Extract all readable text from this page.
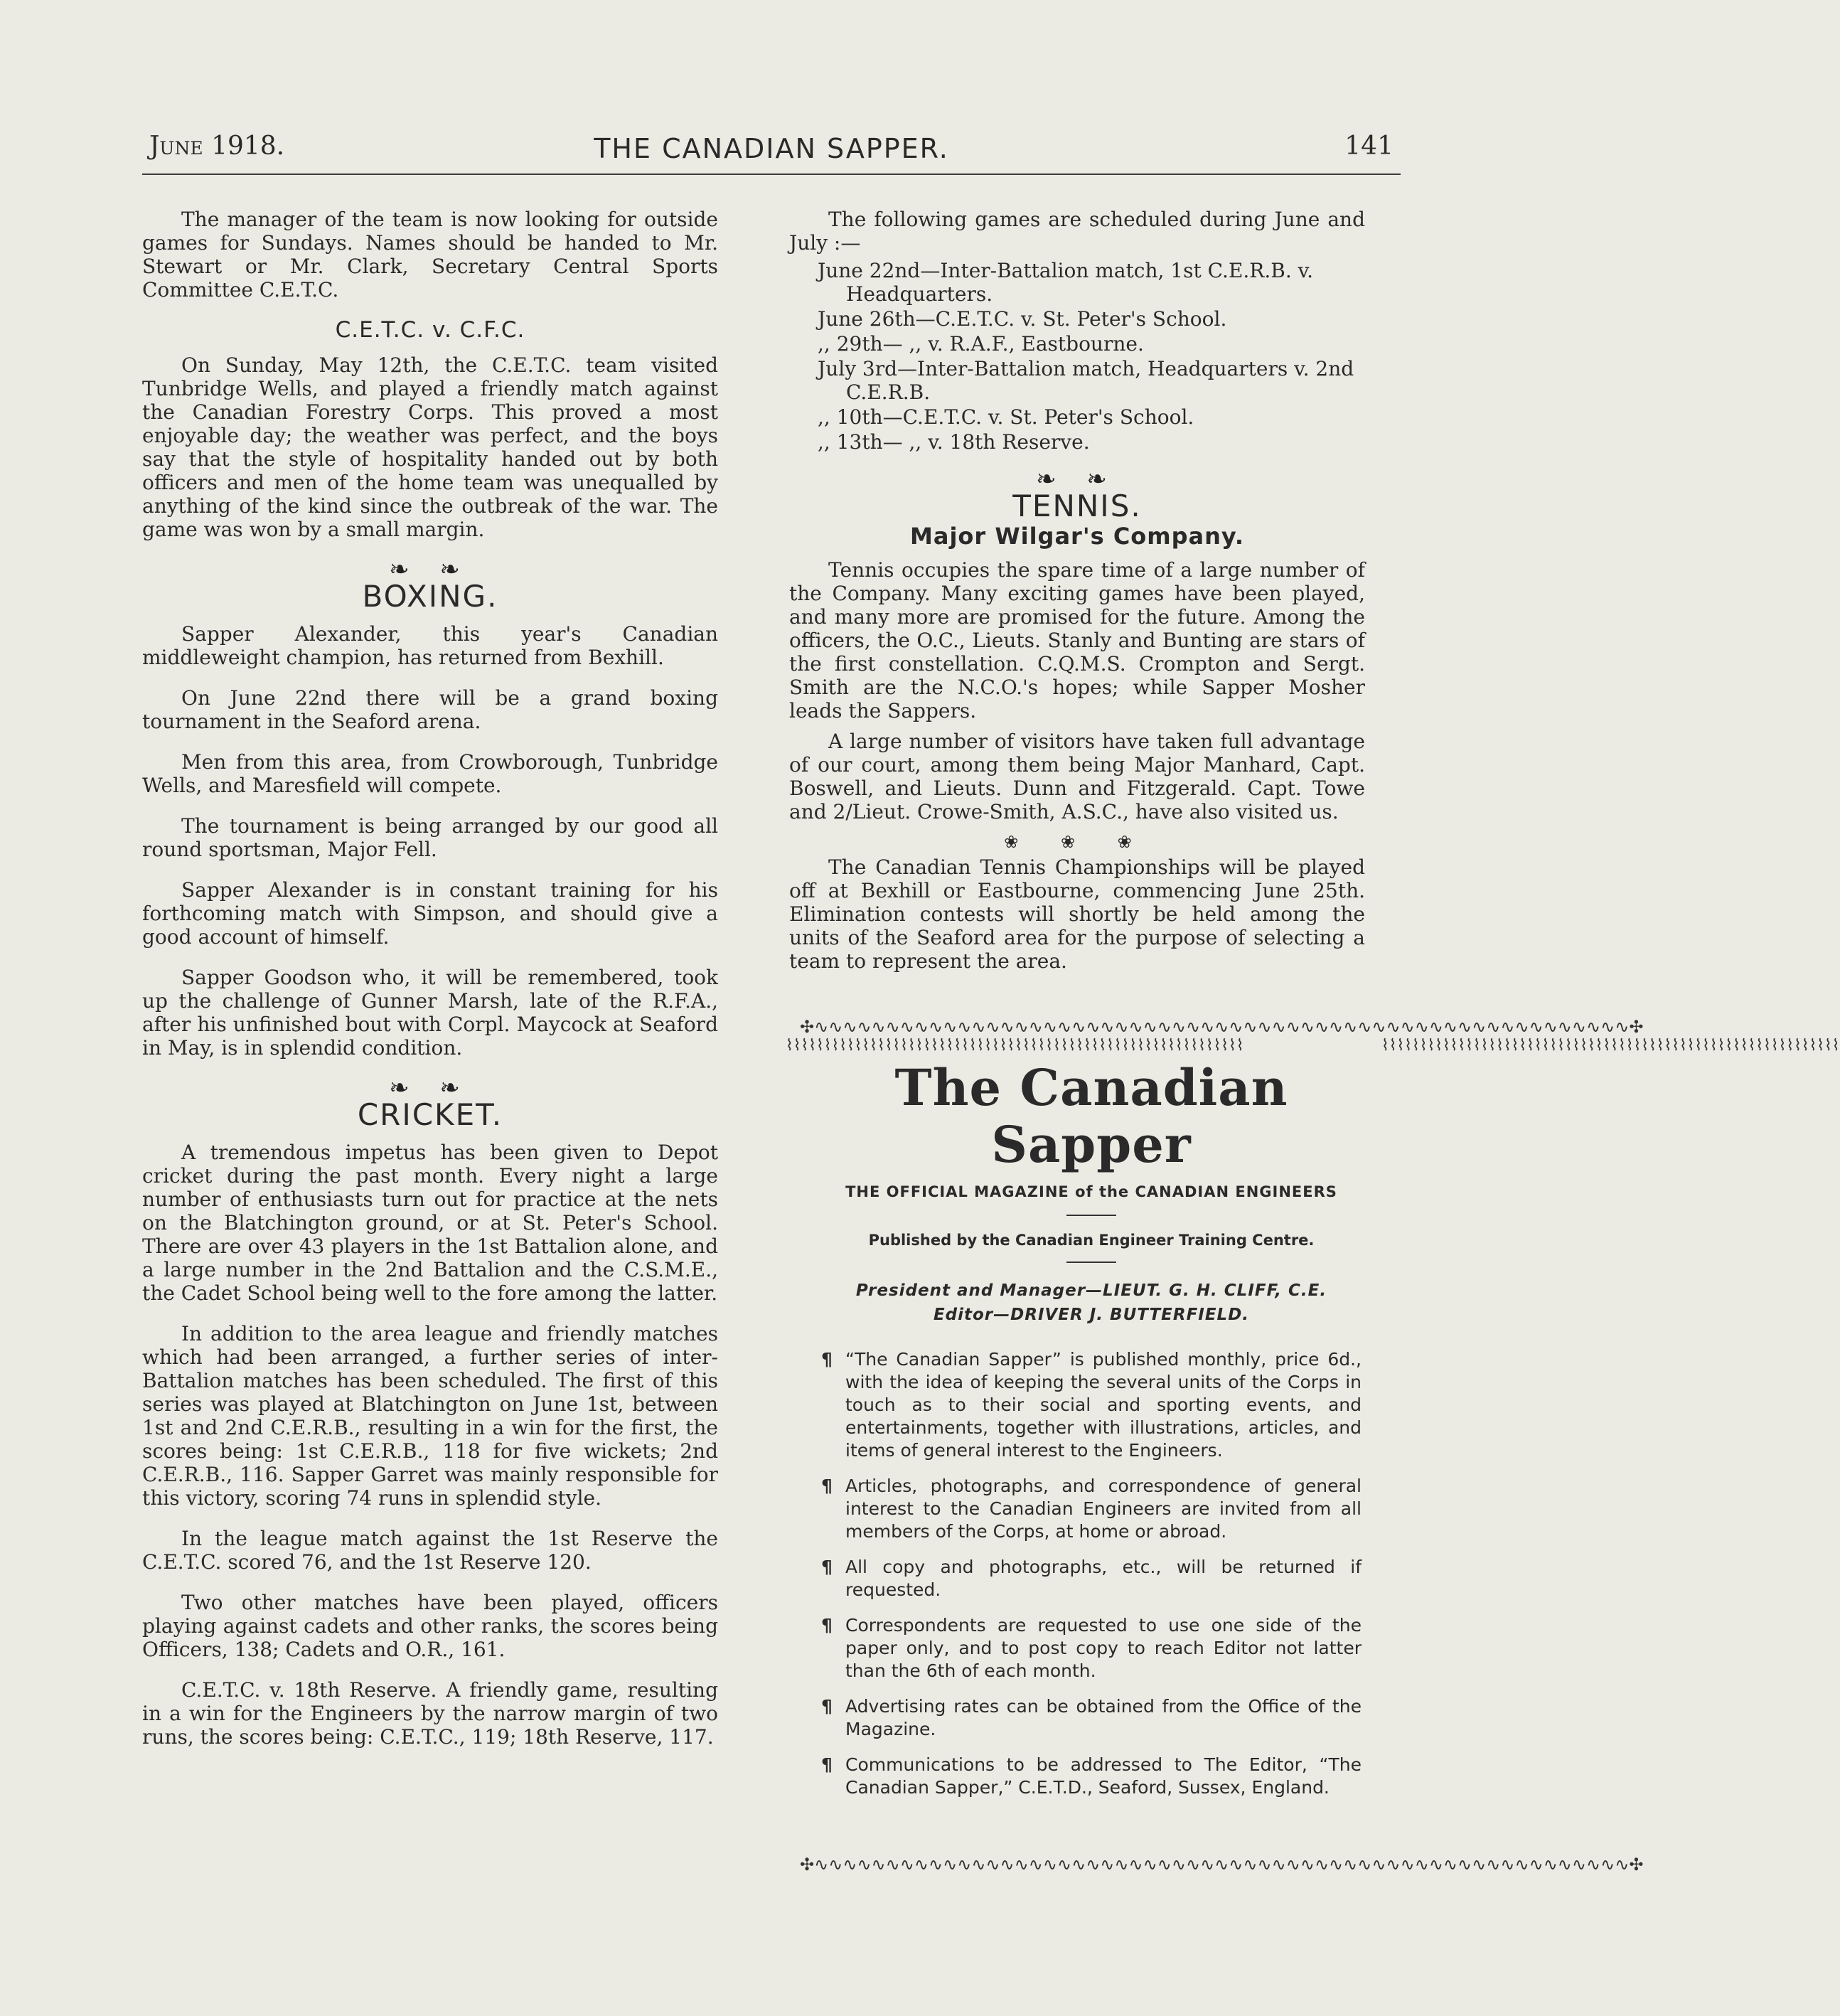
June 1918.	THE CANADIAN SAPPER.	141

The manager of the team is now looking for outside games for Sundays. Names should be handed to Mr. Stewart or Mr. Clark, Secretary Central Sports Committee C.E.T.C.

C.E.T.C. v. C.F.C.

On Sunday, May 12th, the C.E.T.C. team visited Tunbridge Wells, and played a friendly match against the Canadian Forestry Corps. This proved a most enjoyable day; the weather was perfect, and the boys say that the style of hospitality handed out by both officers and men of the home team was unequalled by anything of the kind since the outbreak of the war. The game was won by a small margin.

❧ ❧
BOXING.

Sapper Alexander, this year's Canadian middleweight champion, has returned from Bexhill.

On June 22nd there will be a grand boxing tournament in the Seaford arena.

Men from this area, from Crowborough, Tunbridge Wells, and Maresfield will compete.

The tournament is being arranged by our good all round sportsman, Major Fell.

Sapper Alexander is in constant training for his forthcoming match with Simpson, and should give a good account of himself.

Sapper Goodson who, it will be remembered, took up the challenge of Gunner Marsh, late of the R.F.A., after his unfinished bout with Corpl. Maycock at Seaford in May, is in splendid condition.

❧ ❧
CRICKET.

A tremendous impetus has been given to Depot cricket during the past month. Every night a large number of enthusiasts turn out for practice at the nets on the Blatchington ground, or at St. Peter's School. There are over 43 players in the 1st Battalion alone, and a large number in the 2nd Battalion and the C.S.M.E., the Cadet School being well to the fore among the latter.

In addition to the area league and friendly matches which had been arranged, a further series of inter-Battalion matches has been scheduled. The first of this series was played at Blatchington on June 1st, between 1st and 2nd C.E.R.B., resulting in a win for the first, the scores being: 1st C.E.R.B., 118 for five wickets; 2nd C.E.R.B., 116. Sapper Garret was mainly responsible for this victory, scoring 74 runs in splendid style.

In the league match against the 1st Reserve the C.E.T.C. scored 76, and the 1st Reserve 120.

Two other matches have been played, officers playing against cadets and other ranks, the scores being Officers, 138; Cadets and O.R., 161.

C.E.T.C. v. 18th Reserve. A friendly game, resulting in a win for the Engineers by the narrow margin of two runs, the scores being: C.E.T.C., 119; 18th Reserve, 117.

The following games are scheduled during June and July :—

June 22nd—Inter-Battalion match, 1st C.E.R.B. v. Headquarters.
June 26th—C.E.T.C. v. St. Peter's School.
,, 29th— ,, v. R.A.F., Eastbourne.
July 3rd—Inter-Battalion match, Headquarters v. 2nd C.E.R.B.
,, 10th—C.E.T.C. v. St. Peter's School.
,, 13th— ,, v. 18th Reserve.
❧ ❧
TENNIS.
Major Wilgar's Company.

Tennis occupies the spare time of a large number of the Company. Many exciting games have been played, and many more are promised for the future. Among the officers, the O.C., Lieuts. Stanly and Bunting are stars of the first constellation. C.Q.M.S. Crompton and Sergt. Smith are the N.C.O.'s hopes; while Sapper Mosher leads the Sappers.

A large number of visitors have taken full advantage of our court, among them being Major Manhard, Capt. Boswell, and Lieuts. Dunn and Fitzgerald. Capt. Towe and 2/Lieut. Crowe-Smith, A.S.C., have also visited us.

❀ ❀ ❀

The Canadian Tennis Championships will be played off at Bexhill or Eastbourne, commencing June 25th. Elimination contests will shortly be held among the units of the Seaford area for the purpose of selecting a team to represent the area.

✣∿∿∿∿∿∿∿∿∿∿∿∿∿∿∿∿∿∿∿∿∿∿∿∿∿∿∿∿∿∿∿∿∿∿∿∿∿∿∿∿∿∿∿∿∿∿∿∿∿∿∿∿∿∿∿∿∿✣
✣∿∿∿∿∿∿∿∿∿∿∿∿∿∿∿∿∿∿∿∿∿∿∿∿∿∿∿∿∿∿∿∿∿∿∿∿∿∿∿∿∿∿∿∿∿∿∿∿∿∿∿∿∿∿∿∿∿✣
⌇⌇⌇⌇⌇⌇⌇⌇⌇⌇⌇⌇⌇⌇⌇⌇⌇⌇⌇⌇⌇⌇⌇⌇⌇⌇⌇⌇⌇⌇⌇⌇⌇⌇⌇⌇⌇⌇⌇⌇⌇⌇⌇⌇⌇⌇⌇⌇⌇⌇⌇⌇⌇⌇⌇⌇⌇⌇⌇⌇	⌇⌇⌇⌇⌇⌇⌇⌇⌇⌇⌇⌇⌇⌇⌇⌇⌇⌇⌇⌇⌇⌇⌇⌇⌇⌇⌇⌇⌇⌇⌇⌇⌇⌇⌇⌇⌇⌇⌇⌇⌇⌇⌇⌇⌇⌇⌇⌇⌇⌇⌇⌇⌇⌇⌇⌇⌇⌇⌇⌇
The Canadian Sapper
THE OFFICIAL MAGAZINE of the CANADIAN ENGINEERS
Published by the Canadian Engineer Training Centre.
President and Manager—LIEUT. G. H. CLIFF, C.E.
Editor—DRIVER J. BUTTERFIELD.
¶ “The Canadian Sapper” is published monthly, price 6d., with the idea of keeping the several units of the Corps in touch as to their social and sporting events, and entertainments, together with illustrations, articles, and items of general interest to the Engineers.
¶ Articles, photographs, and correspondence of general interest to the Canadian Engineers are invited from all members of the Corps, at home or abroad.
¶ All copy and photographs, etc., will be returned if requested.
¶ Correspondents are requested to use one side of the paper only, and to post copy to reach Editor not latter than the 6th of each month.
¶ Advertising rates can be obtained from the Office of the Magazine.
¶ Communications to be addressed to The Editor, “The Canadian Sapper,” C.E.T.D., Seaford, Sussex, England.
